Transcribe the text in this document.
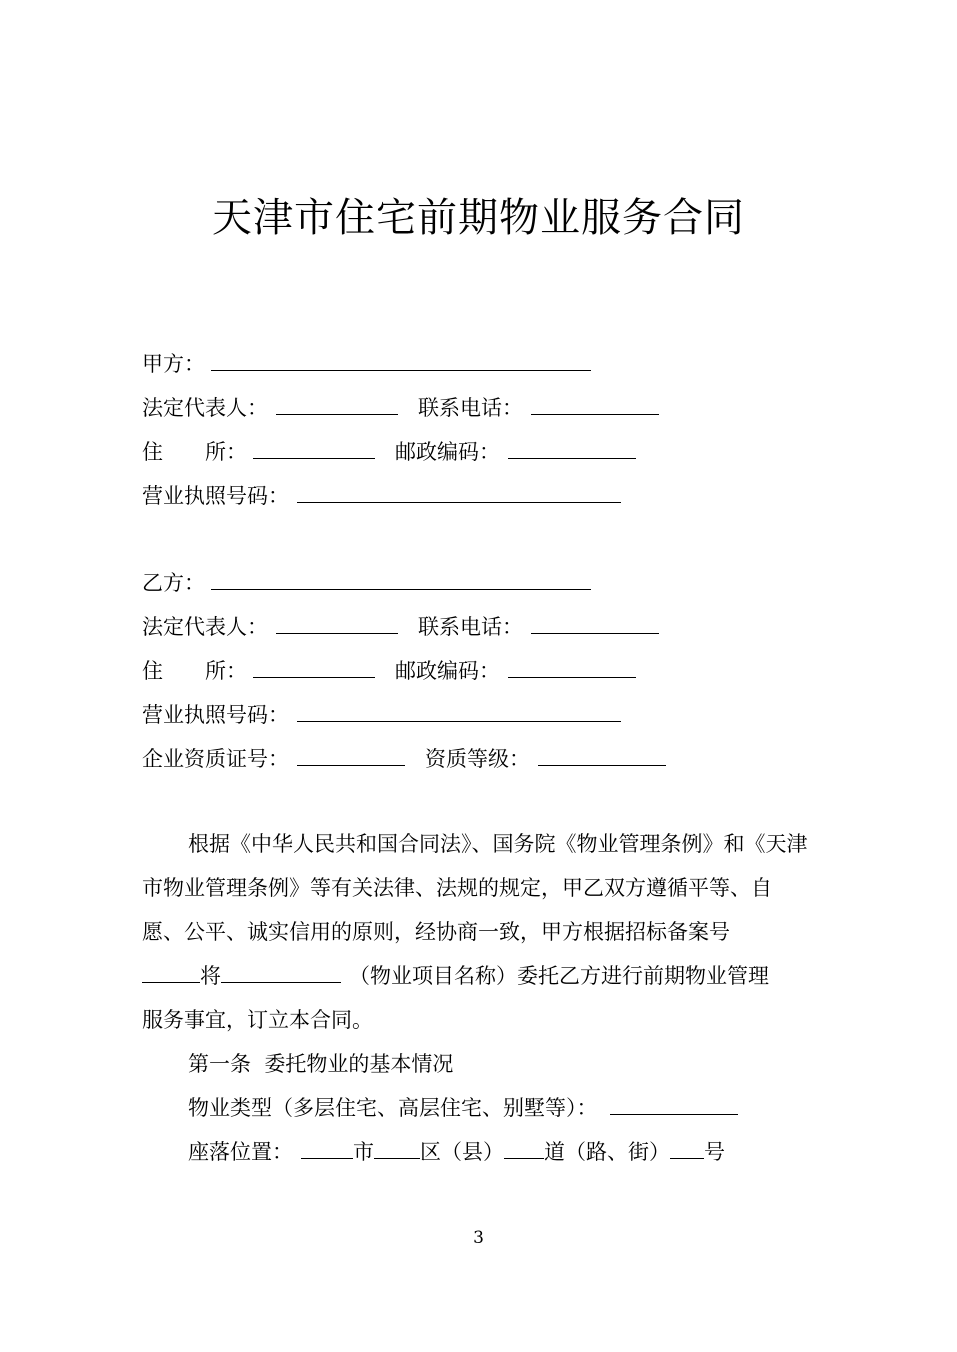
天津市住宅前期物业服务合同
甲方：
法定代表人：	联系电话：
住　　所：	邮政编码：
营业执照号码：
乙方：
法定代表人：	联系电话：
住　　所：	邮政编码：
营业执照号码：
企业资质证号：	资质等级：
根据《中华人民共和国合同法》、国务院《物业管理条例》和《天津
市物业管理条例》等有关法律、法规的规定，甲乙双方遵循平等、自
愿、公平、诚实信用的原则，经协商一致，甲方根据招标备案号
将	（物业项目名称）委托乙方进行前期物业管理
服务事宜，订立本合同。
第一条  委托物业的基本情况
物业类型（多层住宅、高层住宅、别墅等）：
座落位置：	市 区（县） 道（路、街） 号
3
